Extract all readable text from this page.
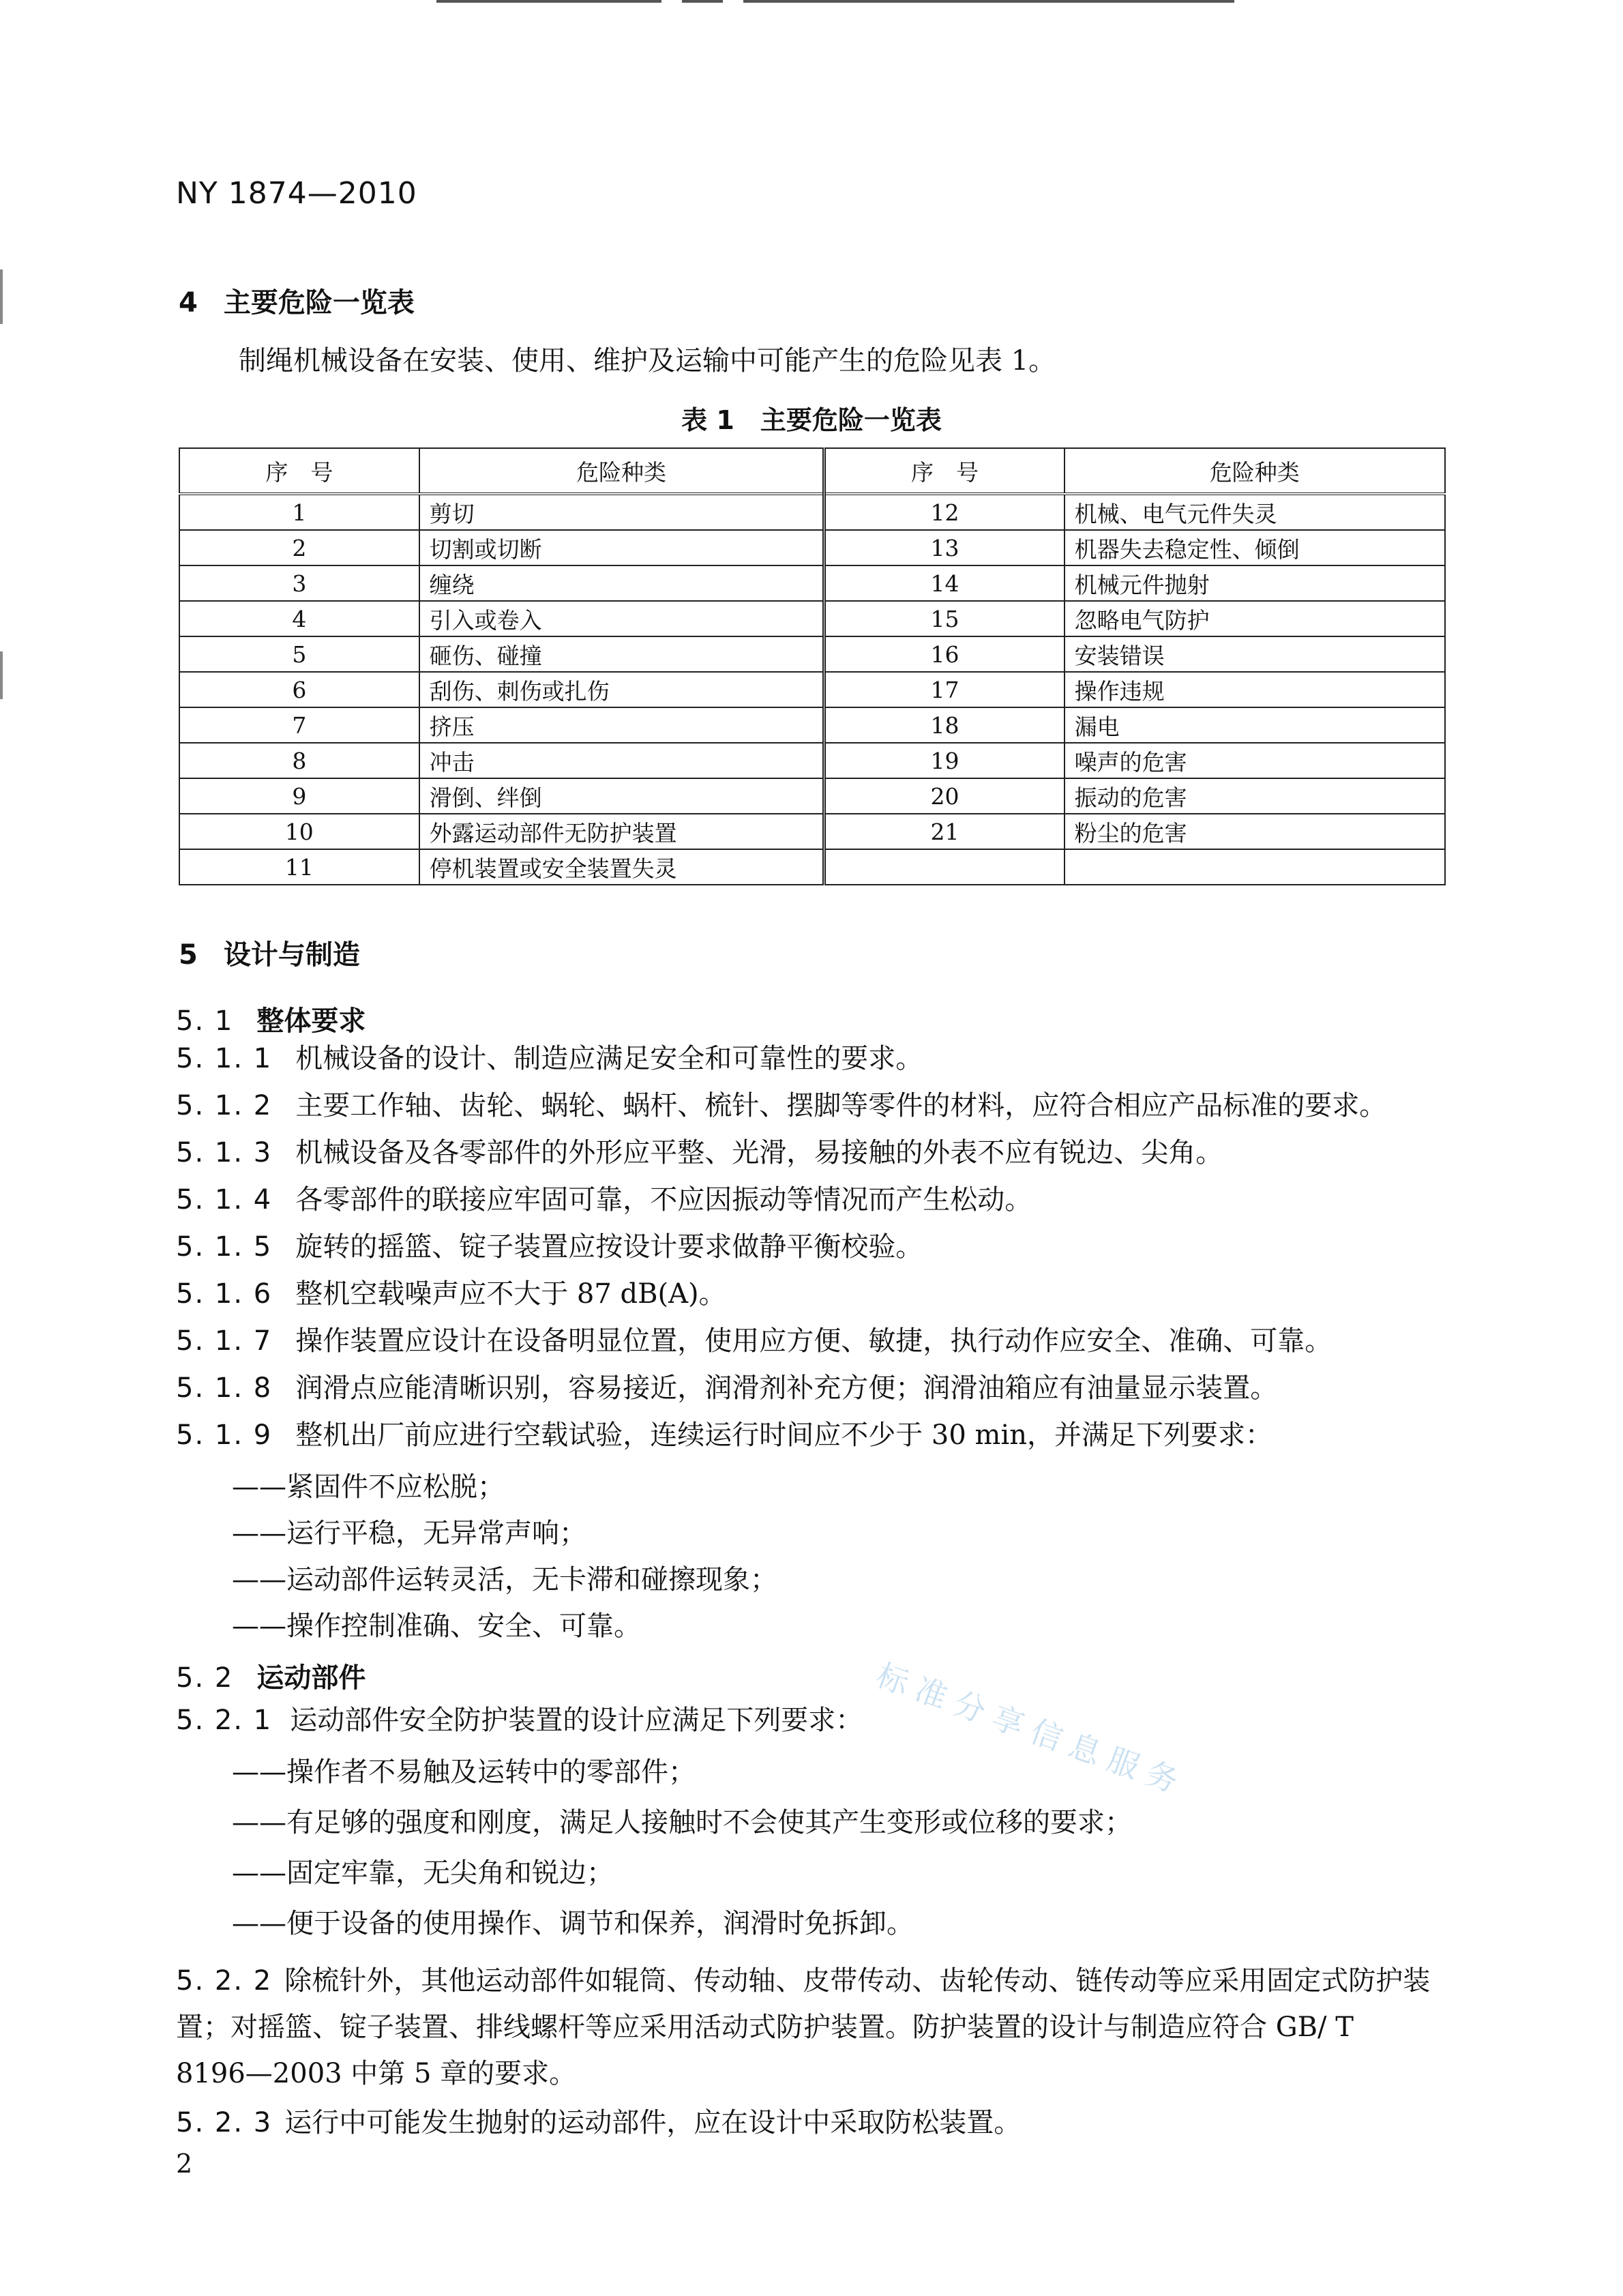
NY 1874—2010
4 主要危险一览表
制绳机械设备在安装、使用、维护及运输中可能产生的危险见表 1。
表 1　主要危险一览表
序　号	危险种类	序　号	危险种类
1	剪切	12	机械、电气元件失灵
2	切割或切断	13	机器失去稳定性、倾倒
3	缠绕	14	机械元件抛射
4	引入或卷入	15	忽略电气防护
5	砸伤、碰撞	16	安装错误
6	刮伤、刺伤或扎伤	17	操作违规
7	挤压	18	漏电
8	冲击	19	噪声的危害
9	滑倒、绊倒	20	振动的危害
10	外露运动部件无防护装置	21	粉尘的危害
11	停机装置或安全装置失灵		
5 设计与制造
5. 1 整体要求
5. 1. 1 机械设备的设计、制造应满足安全和可靠性的要求。
5. 1. 2 主要工作轴、齿轮、蜗轮、蜗杆、梳针、摆脚等零件的材料，应符合相应产品标准的要求。
5. 1. 3 机械设备及各零部件的外形应平整、光滑，易接触的外表不应有锐边、尖角。
5. 1. 4 各零部件的联接应牢固可靠，不应因振动等情况而产生松动。
5. 1. 5 旋转的摇篮、锭子装置应按设计要求做静平衡校验。
5. 1. 6 整机空载噪声应不大于 87 dB(A)。
5. 1. 7 操作装置应设计在设备明显位置，使用应方便、敏捷，执行动作应安全、准确、可靠。
5. 1. 8 润滑点应能清晰识别，容易接近，润滑剂补充方便；润滑油箱应有油量显示装置。
5. 1. 9 整机出厂前应进行空载试验，连续运行时间应不少于 30 min，并满足下列要求：
——紧固件不应松脱；
——运行平稳，无异常声响；
——运动部件运转灵活，无卡滞和碰擦现象；
——操作控制准确、安全、可靠。
5. 2 运动部件
5. 2. 1 运动部件安全防护装置的设计应满足下列要求：
——操作者不易触及运转中的零部件；
——有足够的强度和刚度，满足人接触时不会使其产生变形或位移的要求；
——固定牢靠，无尖角和锐边；
——便于设备的使用操作、调节和保养，润滑时免拆卸。
5. 2. 2 除梳针外，其他运动部件如辊筒、传动轴、皮带传动、齿轮传动、链传动等应采用固定式防护装
置；对摇篮、锭子装置、排线螺杆等应采用活动式防护装置。防护装置的设计与制造应符合 GB/ T
8196—2003 中第 5 章的要求。
5. 2. 3 运行中可能发生抛射的运动部件，应在设计中采取防松装置。
2
标准分享信息服务
